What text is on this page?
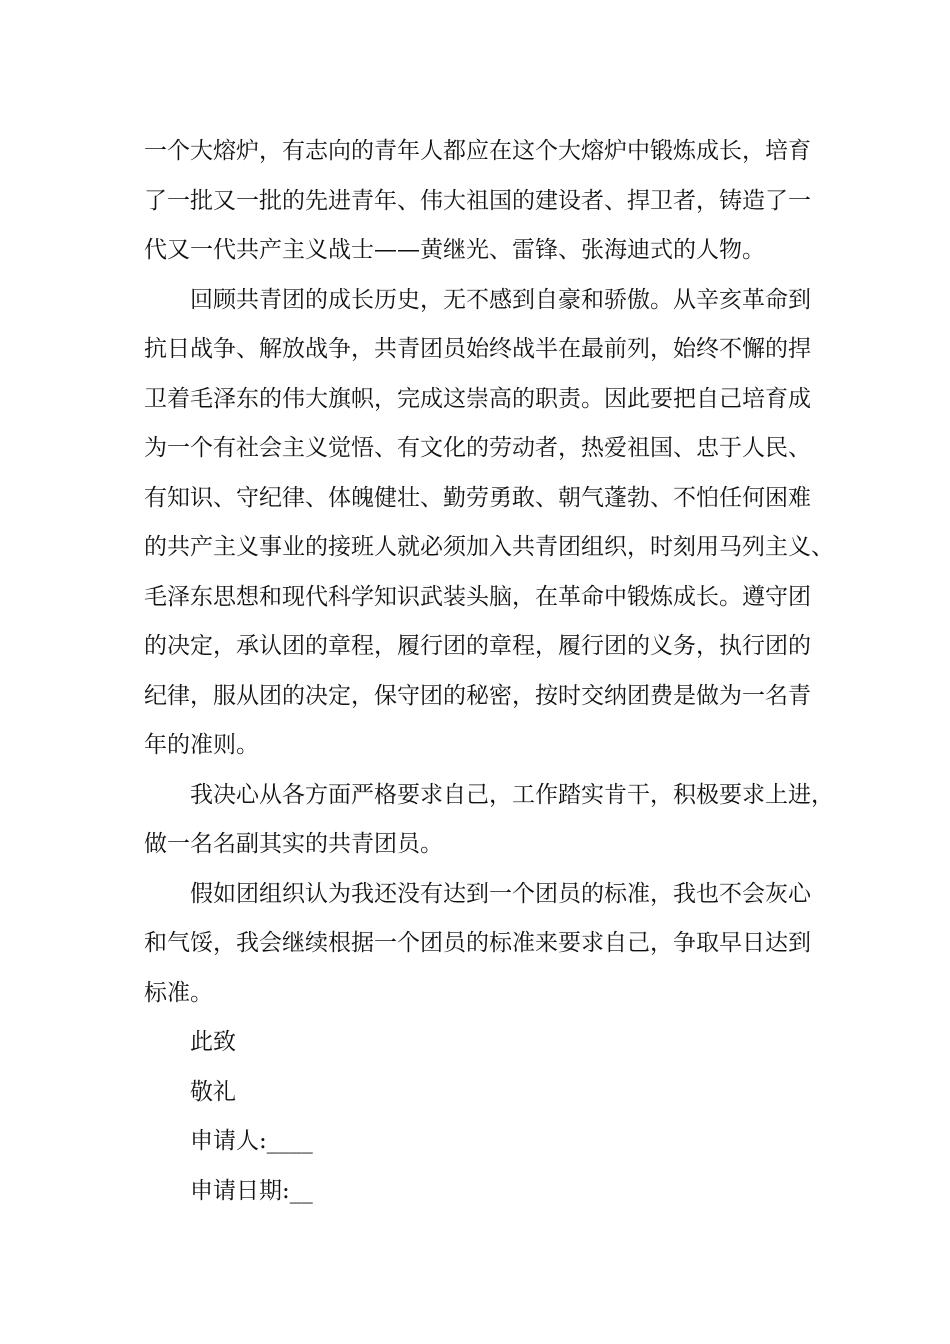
一个大熔炉，有志向的青年人都应在这个大熔炉中锻炼成长，培育
了一批又一批的先进青年、伟大祖国的建设者、捍卫者，铸造了一
代又一代共产主义战士——黄继光、雷锋、张海迪式的人物。
回顾共青团的成长历史，无不感到自豪和骄傲。从辛亥革命到
抗日战争、解放战争，共青团员始终战半在最前列，始终不懈的捍
卫着毛泽东的伟大旗帜，完成这崇高的职责。因此要把自己培育成
为一个有社会主义觉悟、有文化的劳动者，热爱祖国、忠于人民、
有知识、守纪律、体魄健壮、勤劳勇敢、朝气蓬勃、不怕任何困难
的共产主义事业的接班人就必须加入共青团组织，时刻用马列主义、
毛泽东思想和现代科学知识武装头脑，在革命中锻炼成长。遵守团
的决定，承认团的章程，履行团的章程，履行团的义务，执行团的
纪律，服从团的决定，保守团的秘密，按时交纳团费是做为一名青
年的准则。
我决心从各方面严格要求自己，工作踏实肯干，积极要求上进，
做一名名副其实的共青团员。
假如团组织认为我还没有达到一个团员的标准，我也不会灰心
和气馁，我会继续根据一个团员的标准来要求自己，争取早日达到
标准。
此致
敬礼
申请人:____
申请日期:__
